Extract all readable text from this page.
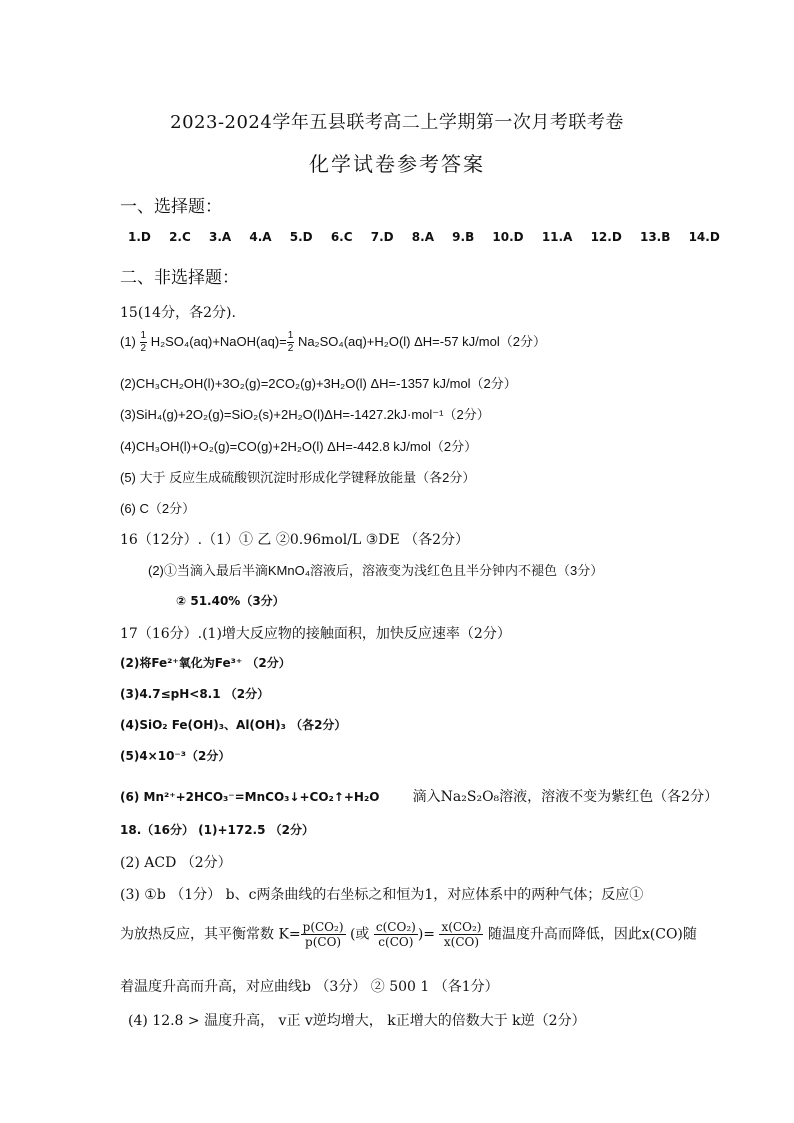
2023-2024学年五县联考高二上学期第一次月考联考卷
化学试卷参考答案
一、选择题：
1.D 2.C 3.A 4.A 5.D 6.C 7.D 8.A 9.B 10.D 11.A 12.D 13.B 14.D
二、非选择题：
15(14分，各2分).
$(1) \frac{1}{2}$ H₂SO₄(aq)+NaOH(aq)= $\frac{1}{2} Na_2SO_4(aq)+H_2O(l)$ ΔH=-57 kJ/mol（2分）
(2)CH₃CH₂OH(l)+3O₂(g)=2CO₂(g)+3H₂O(l) ΔH=-1357 kJ/mol（2分）
(3)SiH₄(g)+2O₂(g)=SiO₂(s)+2H₂O(l)ΔH=-1427.2kJ·mol⁻¹（2分）
(4)CH₃OH(l)+O₂(g)=CO(g)+2H₂O(l) ΔH=-442.8 kJ/mol（2分）
(5) 大于 反应生成硫酸钡沉淀时形成化学键释放能量（各2分）
(6) C（2分）
16（12分）.（1）① 乙 ②0.96mol/L ③DE （各2分）
(2)①当滴入最后半滴KMnO₄溶液后，溶液变为浅红色且半分钟内不褪色（3分）
② 51.40%（3分）
17（16分）.(1)增大反应物的接触面积，加快反应速率（2分）
(2)将Fe²⁺氧化为Fe³⁺ （2分）
(3)4.7≤pH<8.1 （2分）
(4)SiO₂ Fe(OH)₃、Al(OH)₃ （各2分）
(5)4×10⁻³（2分）
(6) Mn²⁺+2HCO₃⁻=MnCO₃↓+CO₂↑+H₂O 滴入Na₂S₂O₈溶液，溶液不变为紫红色（各2分）
18.（16分） (1)+172.5 （2分）
(2) ACD （2分）
(3) ①b （1分） b、c两条曲线的右坐标之和恒为1，对应体系中的两种气体；反应①
为放热反应，其平衡常数 $K= \frac{\text{p(CO₂)}}{p(CO)}$ (或 $\frac{\text{c(CO₂)}}{c(CO)}$ )= $\frac{\text{x(CO₂)}}{x(CO)}$ 随温度升高而降低，因此x(CO)随
着温度升高而升高，对应曲线b （3分） ② 500 1 （各1分）
(4) 12.8 > 温度升高， v正 v逆均增大， k正增大的倍数大于 k逆（2分）
